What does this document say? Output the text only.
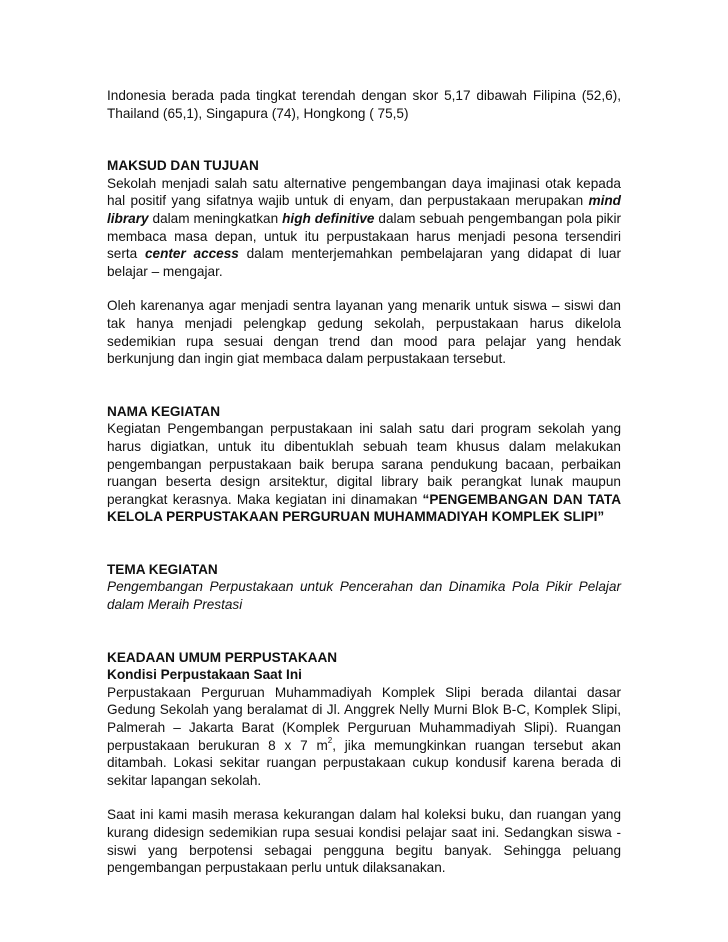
Indonesia berada pada tingkat terendah dengan skor 5,17 dibawah Filipina (52,6), Thailand (65,1), Singapura (74), Hongkong ( 75,5)

MAKSUD DAN TUJUAN

Sekolah menjadi salah satu alternative pengembangan daya imajinasi otak kepada hal positif yang sifatnya wajib untuk di enyam, dan perpustakaan merupakan mind library dalam meningkatkan high definitive dalam sebuah pengembangan pola pikir membaca masa depan, untuk itu perpustakaan harus menjadi pesona tersendiri serta center access dalam menterjemahkan pembelajaran yang didapat di luar belajar – mengajar.

Oleh karenanya agar menjadi sentra layanan yang menarik untuk siswa – siswi dan tak hanya menjadi pelengkap gedung sekolah, perpustakaan harus dikelola sedemikian rupa sesuai dengan trend dan mood para pelajar yang hendak berkunjung dan ingin giat membaca dalam perpustakaan tersebut.

NAMA KEGIATAN

Kegiatan Pengembangan perpustakaan ini salah satu dari program sekolah yang harus digiatkan, untuk itu dibentuklah sebuah team khusus dalam melakukan pengembangan perpustakaan baik berupa sarana pendukung bacaan, perbaikan ruangan beserta design arsitektur, digital library baik perangkat lunak maupun perangkat kerasnya. Maka kegiatan ini dinamakan “PENGEMBANGAN DAN TATA KELOLA PERPUSTAKAAN PERGURUAN MUHAMMADIYAH KOMPLEK SLIPI”

TEMA KEGIATAN

Pengembangan Perpustakaan untuk Pencerahan dan Dinamika Pola Pikir Pelajar dalam Meraih Prestasi

KEADAAN UMUM PERPUSTAKAAN

Kondisi Perpustakaan Saat Ini

Perpustakaan Perguruan Muhammadiyah Komplek Slipi berada dilantai dasar Gedung Sekolah yang beralamat di Jl. Anggrek Nelly Murni Blok B-C, Komplek Slipi, Palmerah – Jakarta Barat (Komplek Perguruan Muhammadiyah Slipi). Ruangan perpustakaan berukuran 8 x 7 $m^2$, jika memungkinkan ruangan tersebut akan ditambah. Lokasi sekitar ruangan perpustakaan cukup kondusif karena berada di sekitar lapangan sekolah.

Saat ini kami masih merasa kekurangan dalam hal koleksi buku, dan ruangan yang kurang didesign sedemikian rupa sesuai kondisi pelajar saat ini. Sedangkan siswa - siswi yang berpotensi sebagai pengguna begitu banyak. Sehingga peluang pengembangan perpustakaan perlu untuk dilaksanakan.
